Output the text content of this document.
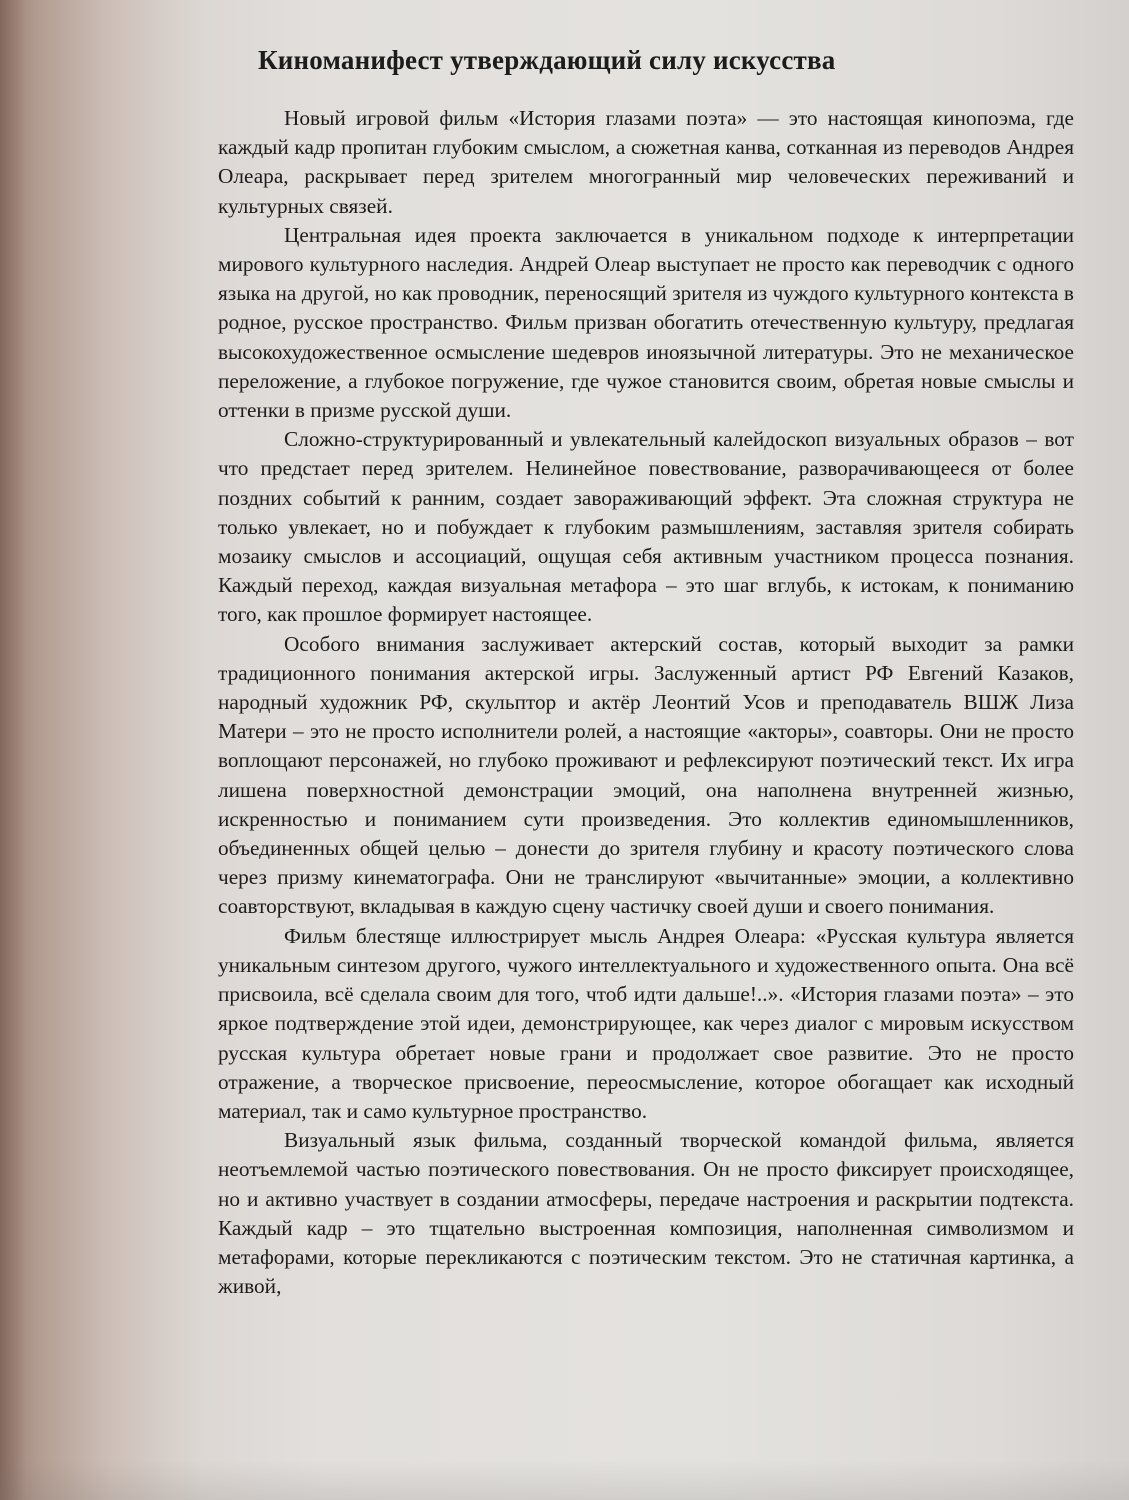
Киноманифест утверждающий силу искусства

Новый игровой фильм «История глазами поэта» — это настоящая кинопоэма, где каждый кадр пропитан глубоким смыслом, а сюжетная канва, сотканная из переводов Андрея Олеара, раскрывает перед зрителем многогранный мир человеческих переживаний и культурных связей.

Центральная идея проекта заключается в уникальном подходе к интерпретации мирового культурного наследия. Андрей Олеар выступает не просто как переводчик с одного языка на другой, но как проводник, переносящий зрителя из чуждого культурного контекста в родное, русское пространство. Фильм призван обогатить отечественную культуру, предлагая высокохудожественное осмысление шедевров иноязычной литературы. Это не механическое переложение, а глубокое погружение, где чужое становится своим, обретая новые смыслы и оттенки в призме русской души.

Сложно-структурированный и увлекательный калейдоскоп визуальных образов – вот что предстает перед зрителем. Нелинейное повествование, разворачивающееся от более поздних событий к ранним, создает завораживающий эффект. Эта сложная структура не только увлекает, но и побуждает к глубоким размышлениям, заставляя зрителя собирать мозаику смыслов и ассоциаций, ощущая себя активным участником процесса познания. Каждый переход, каждая визуальная метафора – это шаг вглубь, к истокам, к пониманию того, как прошлое формирует настоящее.

Особого внимания заслуживает актерский состав, который выходит за рамки традиционного понимания актерской игры. Заслуженный артист РФ Евгений Казаков, народный художник РФ, скульптор и актёр Леонтий Усов и преподаватель ВШЖ Лиза Матери – это не просто исполнители ролей, а настоящие «акторы», соавторы. Они не просто воплощают персонажей, но глубоко проживают и рефлексируют поэтический текст. Их игра лишена поверхностной демонстрации эмоций, она наполнена внутренней жизнью, искренностью и пониманием сути произведения. Это коллектив единомышленников, объединенных общей целью – донести до зрителя глубину и красоту поэтического слова через призму кинематографа. Они не транслируют «вычитанные» эмоции, а коллективно соавторствуют, вкладывая в каждую сцену частичку своей души и своего понимания.

Фильм блестяще иллюстрирует мысль Андрея Олеара: «Русская культура является уникальным синтезом другого, чужого интеллектуального и художественного опыта. Она всё присвоила, всё сделала своим для того, чтоб идти дальше!..». «История глазами поэта» – это яркое подтверждение этой идеи, демонстрирующее, как через диалог с мировым искусством русская культура обретает новые грани и продолжает свое развитие. Это не просто отражение, а творческое присвоение, переосмысление, которое обогащает как исходный материал, так и само культурное пространство.

Визуальный язык фильма, созданный творческой командой фильма, является неотъемлемой частью поэтического повествования. Он не просто фиксирует происходящее, но и активно участвует в создании атмосферы, передаче настроения и раскрытии подтекста. Каждый кадр – это тщательно выстроенная композиция, наполненная символизмом и метафорами, которые перекликаются с поэтическим текстом. Это не статичная картинка, а живой,
